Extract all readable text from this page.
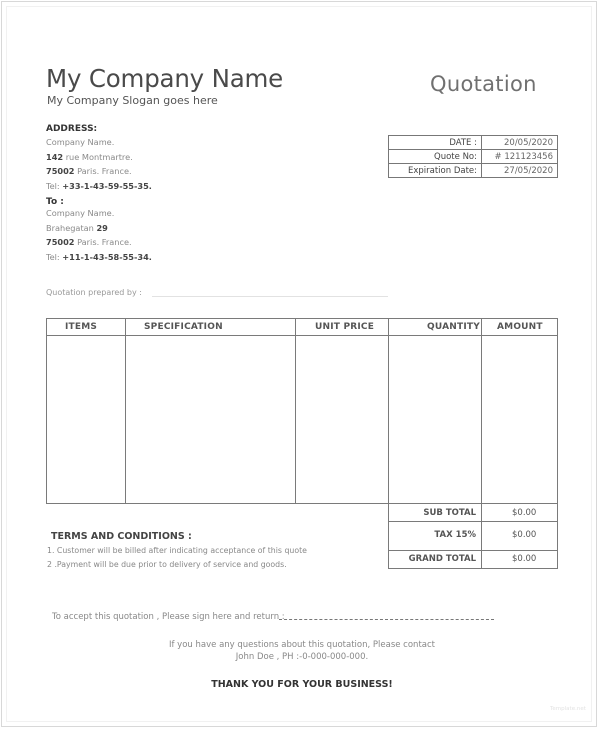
My Company Name
My Company Slogan goes here
Quotation
ADDRESS:
Company Name.
142 rue Montmartre.
75002 Paris. France.
Tel: +33-1-43-59-55-35.
To :
Company Name.
Brahegatan 29
75002 Paris. France.
Tel: +11-1-43-58-55-34.
DATE :	20/05/2020
Quote No:	# 121123456
Expiration Date:	27/05/2020
Quotation prepared by :
ITEMS	SPECIFICATION	UNIT PRICE	QUANTITY AMOUNT
SUB TOTAL	$0.00
TAX 15%	$0.00
GRAND TOTAL	$0.00
TERMS AND CONDITIONS :
1. Customer will be billed after indicating acceptance of this quote
2 .Payment will be due prior to delivery of service and goods.
To accept this quotation , Please sign here and return :
If you have any questions about this quotation, Please contact
John Doe , PH :-0-000-000-000.
THANK YOU FOR YOUR BUSINESS!
Template.net
